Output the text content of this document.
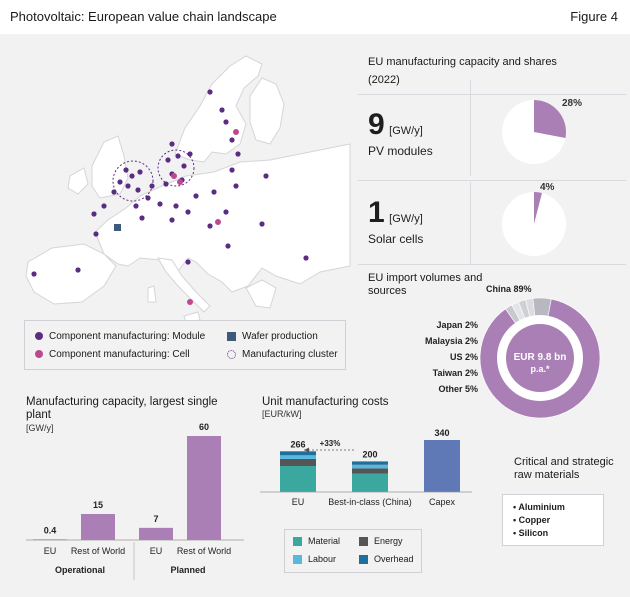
Photovoltaic: European value chain landscape	Figure 4
Component manufacturing: Module	Wafer production
Component manufacturing: Cell	Manufacturing cluster
EU manufacturing capacity and shares (2022)
9 [GW/y]
PV modules
1 [GW/y]
Solar cells
28%
4%
EU import volumes and sources
EUR 9.8 bn
p.a.*
China 89%
Japan 2%
Malaysia 2%
US 2%
Taiwan 2%
Other 5%
Manufacturing capacity, largest single plant
[GW/y]
0.4
EU
15
Rest of World
7
EU
60
Rest of World
Operational	Planned
Unit manufacturing costs
[EUR/kW]
266
EU
200
Best-in-class (China)
340
Capex
+33%
Material	Energy
Labour	Overhead
Critical and strategic raw materials
• Aluminium
• Copper
• Silicon
